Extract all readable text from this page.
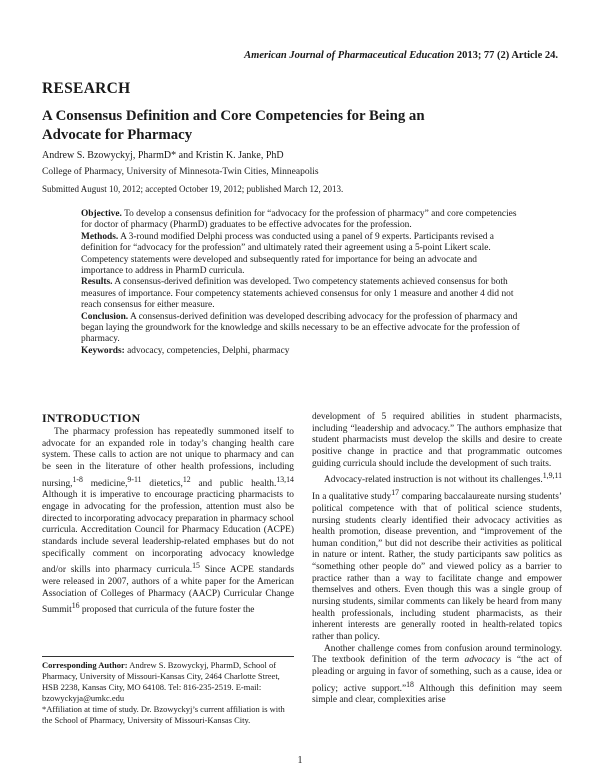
American Journal of Pharmaceutical Education 2013; 77 (2) Article 24.
RESEARCH
A Consensus Definition and Core Competencies for Being an Advocate for Pharmacy
Andrew S. Bzowyckyj, PharmD* and Kristin K. Janke, PhD
College of Pharmacy, University of Minnesota-Twin Cities, Minneapolis
Submitted August 10, 2012; accepted October 19, 2012; published March 12, 2013.

Objective. To develop a consensus definition for “advocacy for the profession of pharmacy” and core competencies for doctor of pharmacy (PharmD) graduates to be effective advocates for the profession.

Methods. A 3-round modified Delphi process was conducted using a panel of 9 experts. Participants revised a definition for “advocacy for the profession” and ultimately rated their agreement using a 5-point Likert scale. Competency statements were developed and subsequently rated for importance for being an advocate and importance to address in PharmD curricula.

Results. A consensus-derived definition was developed. Two competency statements achieved consensus for both measures of importance. Four competency statements achieved consensus for only 1 measure and another 4 did not reach consensus for either measure.

Conclusion. A consensus-derived definition was developed describing advocacy for the profession of pharmacy and began laying the groundwork for the knowledge and skills necessary to be an effective advocate for the profession of pharmacy.

Keywords: advocacy, competencies, Delphi, pharmacy

INTRODUCTION

The pharmacy profession has repeatedly summoned itself to advocate for an expanded role in today’s changing health care system. These calls to action are not unique to pharmacy and can be seen in the literature of other health professions, including nursing,$^{1-8}$ medicine,$^{9-11}$ dietetics,$^{12}$ and public health.$^{13,14}$ Although it is imperative to encourage practicing pharmacists to engage in advocating for the profession, attention must also be directed to incorporating advocacy preparation in pharmacy school curricula. Accreditation Council for Pharmacy Education (ACPE) standards include several leadership-related emphases but do not specifically comment on incorporating advocacy knowledge and/or skills into pharmacy curricula.$^{15}$ Since ACPE standards were released in 2007, authors of a white paper for the American Association of Colleges of Pharmacy (AACP) Curricular Change Summit$^{16}$ proposed that curricula of the future foster the

Corresponding Author: Andrew S. Bzowyckyj, PharmD, School of Pharmacy, University of Missouri-Kansas City, 2464 Charlotte Street, HSB 2238, Kansas City, MO 64108. Tel: 816-235-2519. E-mail: bzowyckyja@umkc.edu

*Affiliation at time of study. Dr. Bzowyckyj’s current affiliation is with the School of Pharmacy, University of Missouri-Kansas City.

development of 5 required abilities in student pharmacists, including “leadership and advocacy.” The authors emphasize that student pharmacists must develop the skills and desire to create positive change in practice and that programmatic outcomes guiding curricula should include the development of such traits.

Advocacy-related instruction is not without its challenges.$^{1,9,11}$ In a qualitative study$^{17}$ comparing baccalaureate nursing students’ political competence with that of political science students, nursing students clearly identified their advocacy activities as health promotion, disease prevention, and “improvement of the human condition,” but did not describe their activities as political in nature or intent. Rather, the study participants saw politics as “something other people do” and viewed policy as a barrier to practice rather than a way to facilitate change and empower themselves and others. Even though this was a single group of nursing students, similar comments can likely be heard from many health professionals, including student pharmacists, as their inherent interests are generally rooted in health-related topics rather than policy.

Another challenge comes from confusion around terminology. The textbook definition of the term advocacy is “the act of pleading or arguing in favor of something, such as a cause, idea or policy; active support.”$^{18}$ Although this definition may seem simple and clear, complexities arise

1
